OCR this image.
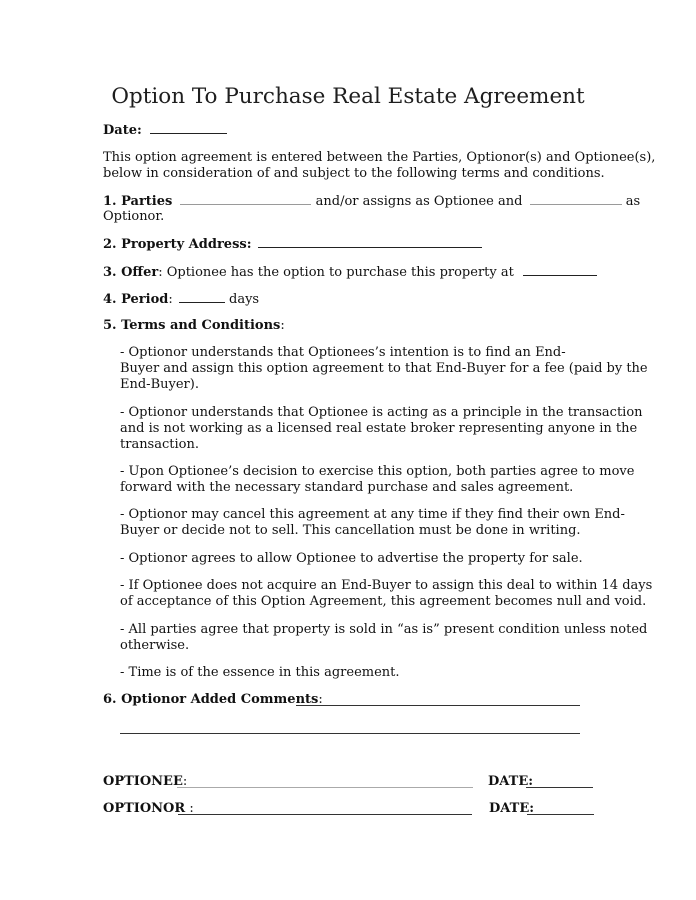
Option To Purchase Real Estate Agreement
Date:
This option agreement is entered between the Parties, Optionor(s) and Optionee(s),
below in consideration of and subject to the following terms and conditions.
1. Parties	and/or assigns as Optionee and	as
Optionor.
2. Property Address:
3. Offer: Optionee has the option to purchase this property at
4. Period:	days
5. Terms and Conditions:
- Optionor understands that Optionees’s intention is to find an End-
Buyer and assign this option agreement to that End-Buyer for a fee (paid by the
End-Buyer).
- Optionor understands that Optionee is acting as a principle in the transaction
and is not working as a licensed real estate broker representing anyone in the
transaction.
- Upon Optionee’s decision to exercise this option, both parties agree to move
forward with the necessary standard purchase and sales agreement.
- Optionor may cancel this agreement at any time if they find their own End-
Buyer or decide not to sell. This cancellation must be done in writing.
- Optionor agrees to allow Optionee to advertise the property for sale.
- If Optionee does not acquire an End-Buyer to assign this deal to within 14 days
of acceptance of this Option Agreement, this agreement becomes null and void.
- All parties agree that property is sold in “as is” present condition unless noted
otherwise.
- Time is of the essence in this agreement.
6. Optionor Added Comments:
OPTIONEE:	DATE:
OPTIONOR :	DATE:
